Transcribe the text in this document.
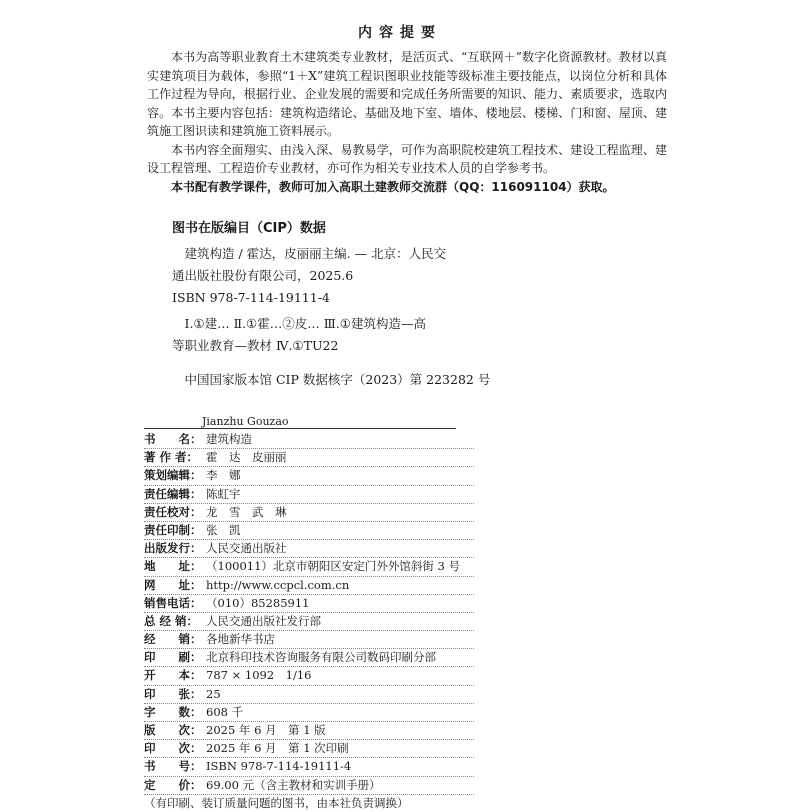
内容提要

本书为高等职业教育土木建筑类专业教材，是活页式、“互联网＋”数字化资源教材。教材以真实建筑项目为载体，参照“1＋X”建筑工程识图职业技能等级标准主要技能点，以岗位分析和具体工作过程为导向，根据行业、企业发展的需要和完成任务所需要的知识、能力、素质要求，选取内容。本书主要内容包括：建筑构造绪论、基础及地下室、墙体、楼地层、楼梯、门和窗、屋顶、建筑施工图识读和建筑施工资料展示。

本书内容全面翔实、由浅入深、易教易学，可作为高职院校建筑工程技术、建设工程监理、建设工程管理、工程造价专业教材，亦可作为相关专业技术人员的自学参考书。

本书配有教学课件，教师可加入高职土建教师交流群（QQ：116091104）获取。

图书在版编目（CIP）数据

建筑构造 / 霍达，皮丽丽主编. — 北京：人民交

通出版社股份有限公司，2025.6

ISBN 978-7-114-19111-4

Ⅰ.①建… Ⅱ.①霍…②皮… Ⅲ.①建筑构造—高

等职业教育—教材 Ⅳ.①TU22

中国国家版本馆 CIP 数据核字（2023）第 223282 号

Jianzhu Gouzao
书　　名： 建筑构造
著 作 者： 霍　达　皮丽丽
策划编辑： 李　娜
责任编辑： 陈虹宇
责任校对： 龙　雪　武　琳
责任印制： 张　凯
出版发行： 人民交通出版社
地　　址： （100011）北京市朝阳区安定门外外馆斜街 3 号
网　　址： http://www.ccpcl.com.cn
销售电话： （010）85285911
总 经 销： 人民交通出版社发行部
经　　销： 各地新华书店
印　　刷： 北京科印技术咨询服务有限公司数码印刷分部
开　　本： 787 × 1092　1/16
印　　张： 25
字　　数： 608 千
版　　次： 2025 年 6 月　第 1 版
印　　次： 2025 年 6 月　第 1 次印刷
书　　号： ISBN 978-7-114-19111-4
定　　价： 69.00 元（含主教材和实训手册）
（有印刷、装订质量问题的图书，由本社负责调换）
